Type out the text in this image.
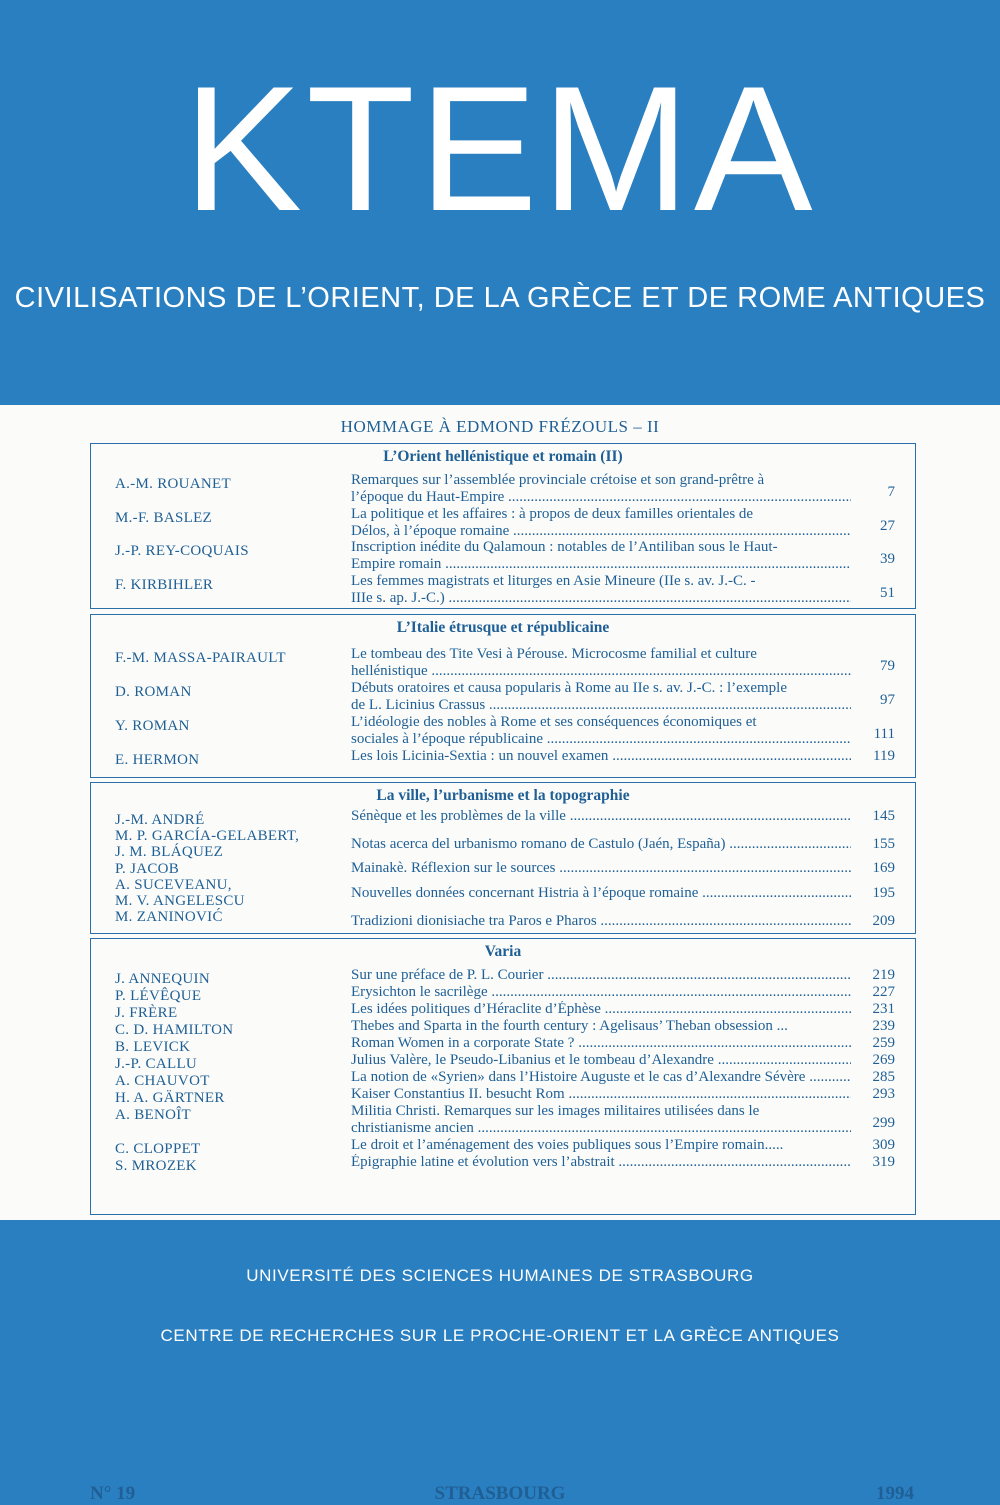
KTEMA
CIVILISATIONS DE L’ORIENT, DE LA GRÈCE ET DE ROME ANTIQUES
HOMMAGE À EDMOND FRÉZOULS – II
L’Orient hellénistique et romain (II)
A.-M. ROUANET	Remarques sur l’assemblée provinciale crétoise et son grand-prêtre à
l’époque du Haut-Empire .....	7
M.-F. BASLEZ	La politique et les affaires : à propos de deux familles orientales de
Délos, à l’époque romaine .....	27
J.-P. REY-COQUAIS	Inscription inédite du Qalamoun : notables de l’Antiliban sous le Haut-
Empire romain .....	39
F. KIRBIHLER	Les femmes magistrats et liturges en Asie Mineure (IIe s. av. J.-C. -
IIIe s. ap. J.-C.) .....	51
L’Italie étrusque et républicaine
F.-M. MASSA-PAIRAULT	Le tombeau des Tite Vesi à Pérouse. Microcosme familial et culture
hellénistique .....	79
D. ROMAN	Débuts oratoires et causa popularis à Rome au IIe s. av. J.-C. : l’exemple
de L. Licinius Crassus .....	97
Y. ROMAN	L’idéologie des nobles à Rome et ses conséquences économiques et
sociales à l’époque républicaine .....	111
E. HERMON	Les lois Licinia-Sextia : un nouvel examen .....	119
La ville, l’urbanisme et la topographie
J.-M. ANDRÉ	Sénèque et les problèmes de la ville .....	145
M. P. GARCÍA-GELABERT,	Notas acerca del urbanismo romano de Castulo (Jaén, España) .....	155
J. M. BLÁQUEZ
P. JACOB	Mainakè. Réflexion sur le sources .....	169
A. SUCEVEANU,	Nouvelles données concernant Histria à l’époque romaine .....	195
M. V. ANGELESCU
M. ZANINOVIĆ	Tradizioni dionisiache tra Paros e Pharos .....	209
Varia
J. ANNEQUIN	Sur une préface de P. L. Courier .....	219
P. LÉVÊQUE	Erysichton le sacrilège .....	227
J. FRÈRE	Les idées politiques d’Héraclite d’Éphèse .....	231
C. D. HAMILTON	Thebes and Sparta in the fourth century : Agelisaus’ Theban obsession ...	239
B. LEVICK	Roman Women in a corporate State ? .....	259
J.-P. CALLU	Julius Valère, le Pseudo-Libanius et le tombeau d’Alexandre .....	269
A. CHAUVOT	La notion de «Syrien» dans l’Histoire Auguste et le cas d’Alexandre Sévère .....	285
H. A. GÄRTNER	Kaiser Constantius II. besucht Rom .....	293
A. BENOÎT	Militia Christi. Remarques sur les images militaires utilisées dans le
christianisme ancien .....	299
C. CLOPPET	Le droit et l’aménagement des voies publiques sous l’Empire romain.....	309
S. MROZEK	Épigraphie latine et évolution vers l’abstrait .....	319
N° 19	STRASBOURG	1994
UNIVERSITÉ DES SCIENCES HUMAINES DE STRASBOURG
CENTRE DE RECHERCHES SUR LE PROCHE-ORIENT ET LA GRÈCE ANTIQUES
